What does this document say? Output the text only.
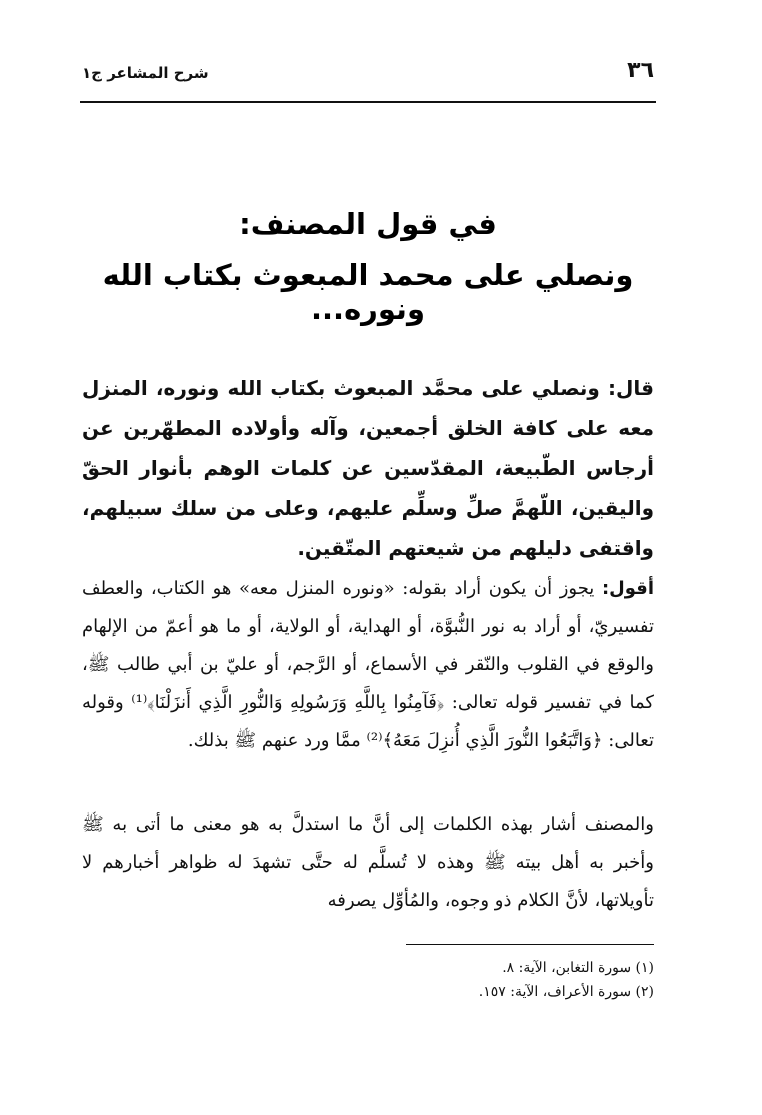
٣٦
شرح المشاعر ج١
في قول المصنف:
ونصلي على محمد المبعوث بكتاب الله ونوره...
قال: ونصلي على محمَّد المبعوث بكتاب الله ونوره، المنزل معه على كافة الخلق أجمعين، وآله وأولاده المطهّرين عن أرجاس الطّبيعة، المقدّسين عن كلمات الوهم بأنوار الحقّ واليقين، اللّهمَّ صلِّ وسلِّم عليهم، وعلى من سلك سبيلهم، واقتفى دليلهم من شيعتهم المتّقين.
أقول: يجوز أن يكون أراد بقوله: «ونوره المنزل معه» هو الكتاب، والعطف تفسيريّ، أو أراد به نور النُّبوَّة، أو الهداية، أو الولاية، أو ما هو أعمّ من الإلهام والوقع في القلوب والنّقر في الأسماع، أو الرَّجم، أو عليّ بن أبي طالب ﷺ، كما في تفسير قوله تعالى: ﴿فَآمِنُوا بِاللَّهِ وَرَسُولِهِ وَالنُّورِ الَّذِي أَنزَلْنَا﴾⁽¹⁾ وقوله تعالى: ﴿وَاتَّبَعُوا النُّورَ الَّذِي أُنزِلَ مَعَهُ﴾⁽²⁾ ممَّا ورد عنهم ﷺ بذلك.
والمصنف أشار بهذه الكلمات إلى أنَّ ما استدلَّ به هو معنى ما أتى به ﷺ وأخبر به أهل بيته ﷺ وهذه لا تُسلَّم له حتَّى تشهدَ له ظواهر أخبارهم لا تأويلاتها، لأنَّ الكلام ذو وجوه، والمُأوِّل يصرفه
(١) سورة التغابن، الآية: ٨.
(٢) سورة الأعراف، الآية: ١٥٧.
